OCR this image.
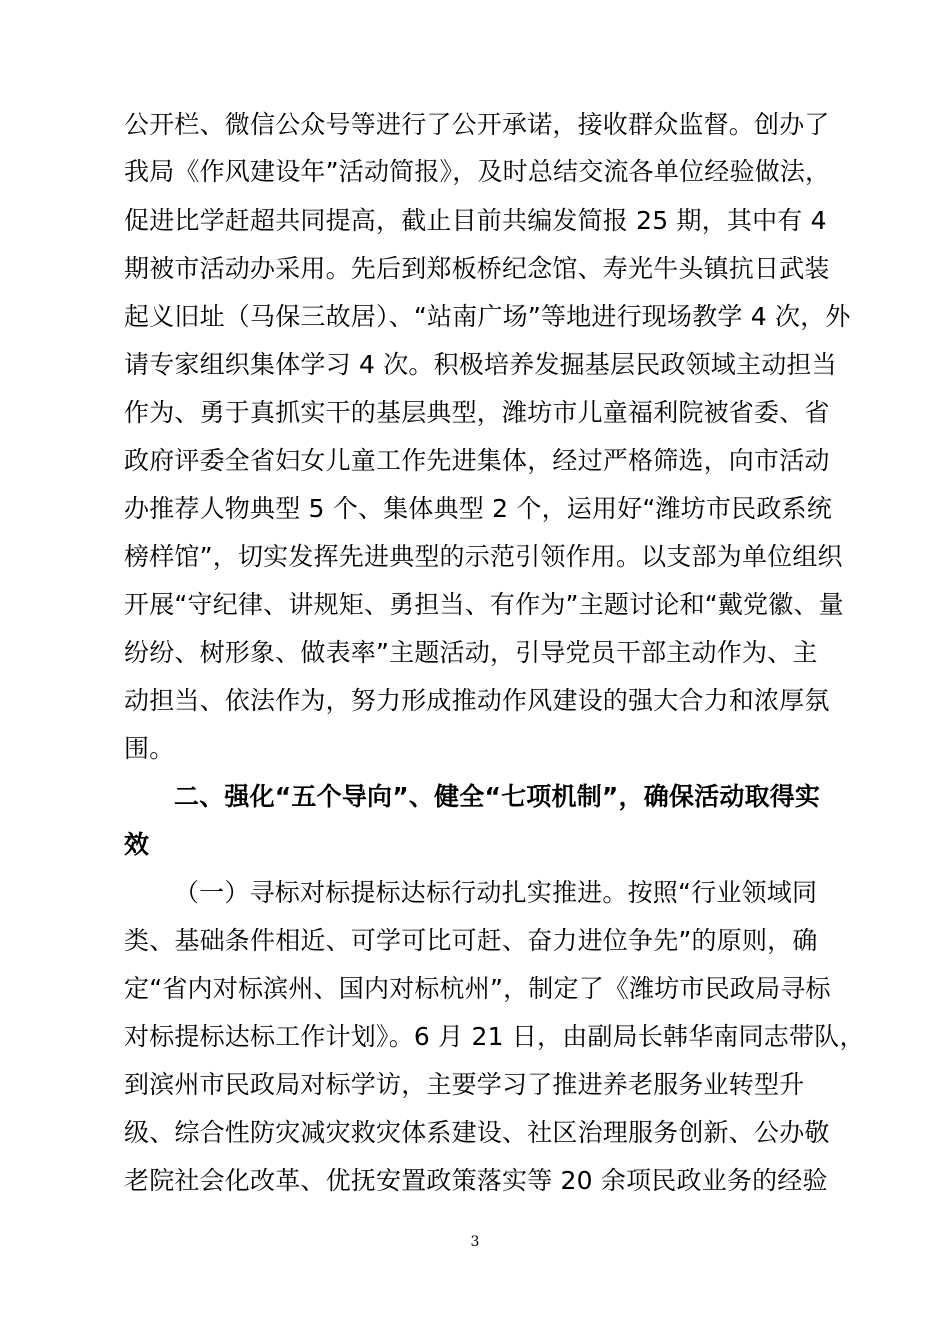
公开栏、微信公众号等进行了公开承诺，接收群众监督。创办了
我局《作风建设年”活动简报》，及时总结交流各单位经验做法，
促进比学赶超共同提高，截止目前共编发简报 25 期，其中有 4
期被市活动办采用。先后到郑板桥纪念馆、寿光牛头镇抗日武装
起义旧址（马保三故居）、“站南广场”等地进行现场教学 4 次，外
请专家组织集体学习 4 次。积极培养发掘基层民政领域主动担当
作为、勇于真抓实干的基层典型，潍坊市儿童福利院被省委、省
政府评委全省妇女儿童工作先进集体，经过严格筛选，向市活动
办推荐人物典型 5 个、集体典型 2 个，运用好“潍坊市民政系统
榜样馆”，切实发挥先进典型的示范引领作用。以支部为单位组织
开展“守纪律、讲规矩、勇担当、有作为”主题讨论和“戴党徽、量
纷纷、树形象、做表率”主题活动，引导党员干部主动作为、主
动担当、依法作为，努力形成推动作风建设的强大合力和浓厚氛
围。
二、强化“五个导向”、健全“七项机制”，确保活动取得实
效
（一）寻标对标提标达标行动扎实推进。按照“行业领域同
类、基础条件相近、可学可比可赶、奋力进位争先”的原则，确
定“省内对标滨州、国内对标杭州”，制定了《潍坊市民政局寻标
对标提标达标工作计划》。6 月 21 日，由副局长韩华南同志带队，
到滨州市民政局对标学访，主要学习了推进养老服务业转型升
级、综合性防灾减灾救灾体系建设、社区治理服务创新、公办敬
老院社会化改革、优抚安置政策落实等 20 余项民政业务的经验
3
